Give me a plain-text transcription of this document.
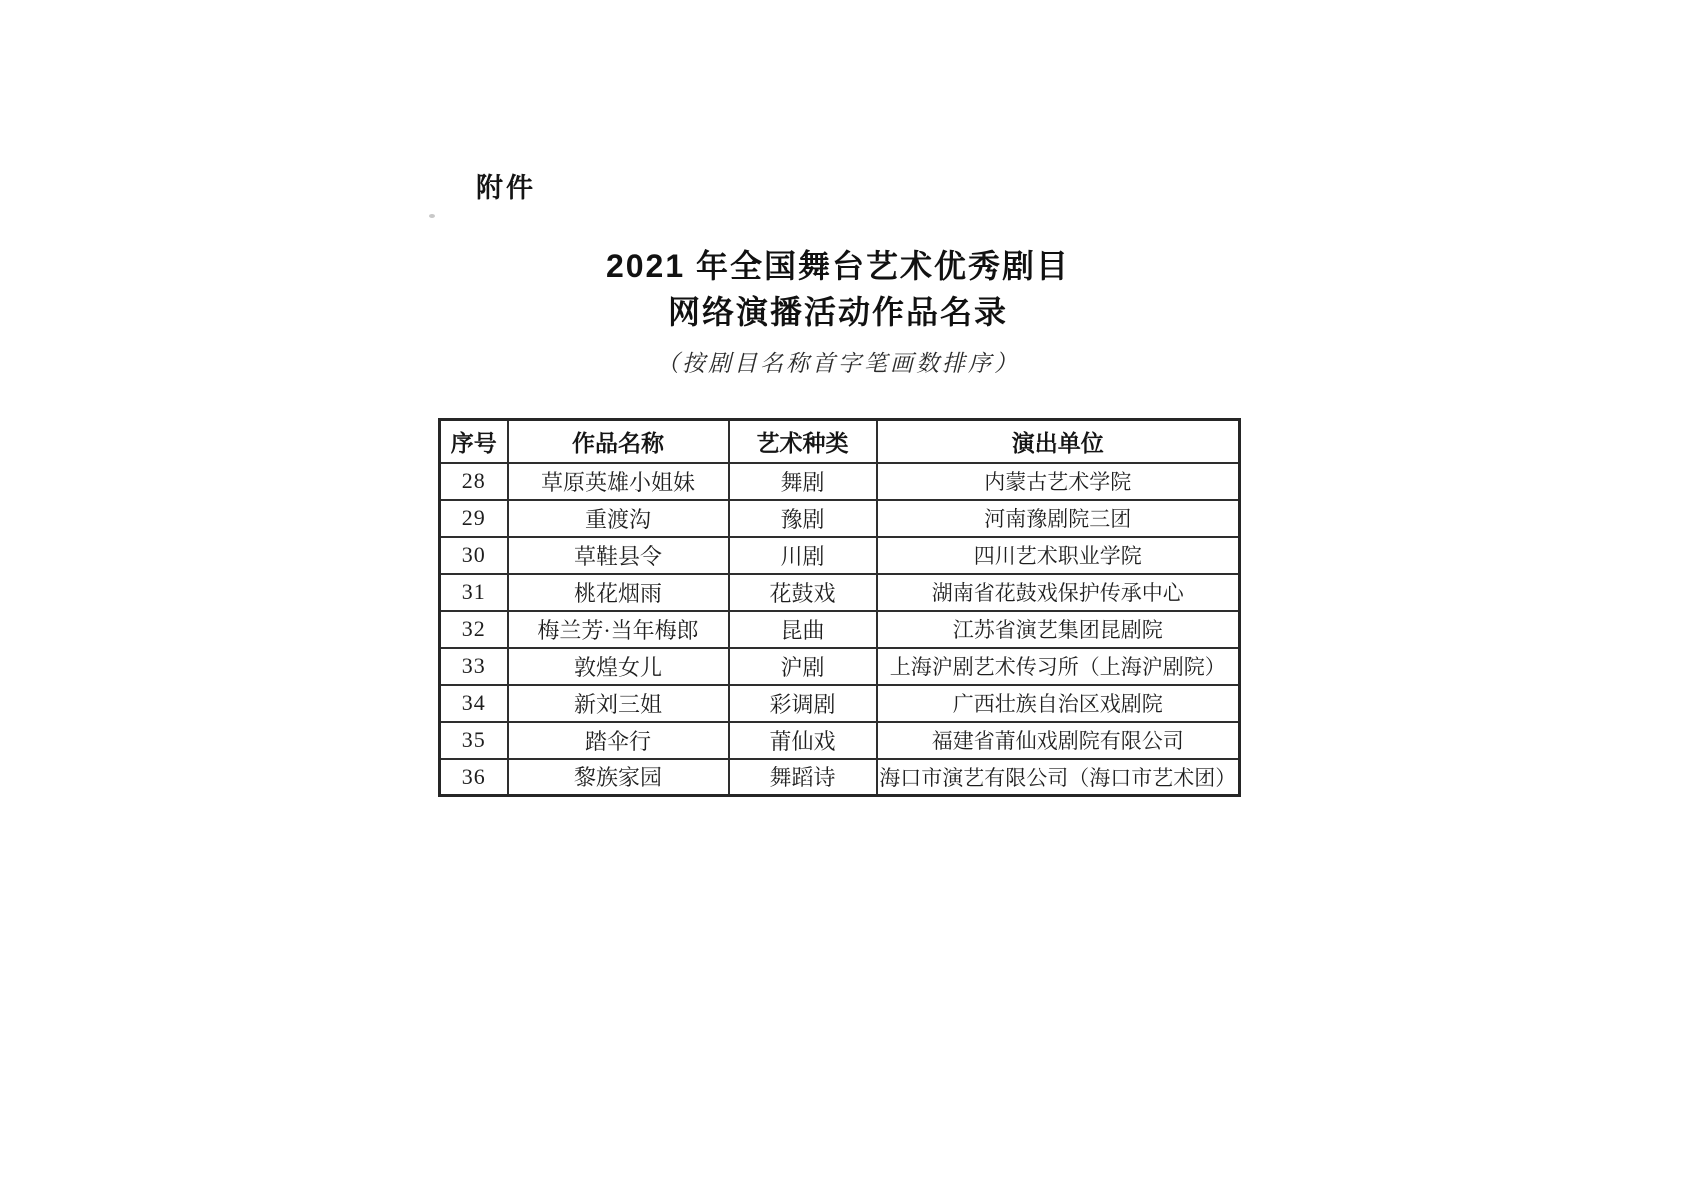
附件
2021 年全国舞台艺术优秀剧目
网络演播活动作品名录
（按剧目名称首字笔画数排序）
序号	作品名称	艺术种类	演出单位
28	草原英雄小姐妹	舞剧	内蒙古艺术学院
29	重渡沟	豫剧	河南豫剧院三团
30	草鞋县令	川剧	四川艺术职业学院
31	桃花烟雨	花鼓戏	湖南省花鼓戏保护传承中心
32	梅兰芳·当年梅郎	昆曲	江苏省演艺集团昆剧院
33	敦煌女儿	沪剧	上海沪剧艺术传习所（上海沪剧院）
34	新刘三姐	彩调剧	广西壮族自治区戏剧院
35	踏伞行	莆仙戏	福建省莆仙戏剧院有限公司
36	黎族家园	舞蹈诗	海口市演艺有限公司（海口市艺术团）
